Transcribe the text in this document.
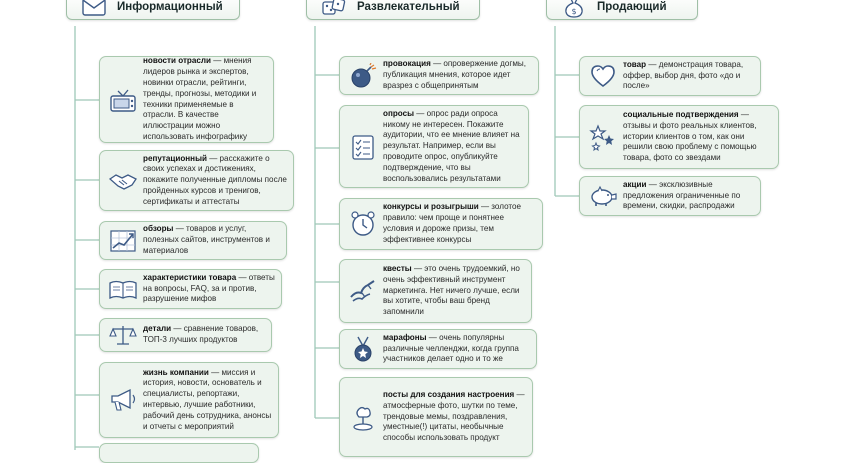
Информационный	Развлекательный	$ Продающий
новости отрасли — мнения лидеров рынка и экспертов, новинки отрасли, рейтинги, тренды, прогнозы, методики и техники применяемые в отрасли. В качестве иллюстрации можно использовать инфографику
репутационный — расскажите о своих успехах и достижениях, покажите полученные дипломы после пройденных курсов и тренигов, сертификаты и аттестаты
обзоры — товаров и услуг, полезных сайтов, инструментов и материалов
характеристики товара — ответы на вопросы, FAQ, за и против, разрушение мифов
детали — сравнение товаров, ТОП-3 лучших продуктов
жизнь компании — миссия и история, новости, основатель и специалисты, репортажи, интервью, лучшие работники, рабочий день сотрудника, анонсы и отчеты с мероприятий
провокация — опровержение догмы, публикация мнения, которое идет вразрез с общепринятым
опросы — опрос ради опроса никому не интересен. Покажите аудитории, что ее мнение влияет на результат. Например, если вы проводите опрос, опубликуйте подтверждение, что вы воспользовались результатами
конкурсы и розыгрыши — золотое правило: чем проще и понятнее условия и дороже призы, тем эффективнее конкурсы
квесты — это очень трудоемкий, но очень эффективный инструмент маркетинга. Нет ничего лучше, если вы хотите, чтобы ваш бренд запомнили
марафоны — очень популярны различные челленджи, когда группа участников делает одно и то же
посты для создания настроения — атмосферные фото, шутки по теме, трендовые мемы, поздравления, уместные(!) цитаты, необычные способы использовать продукт
товар — демонстрация товара, оффер, выбор дня, фото «до и после»
социальные подтверждения — отзывы и фото реальных клиентов, истории клиентов о том, как они решили свою проблему с помощью товара, фото со звездами
акции — эксклюзивные предложения ограниченные по времени, скидки, распродажи
